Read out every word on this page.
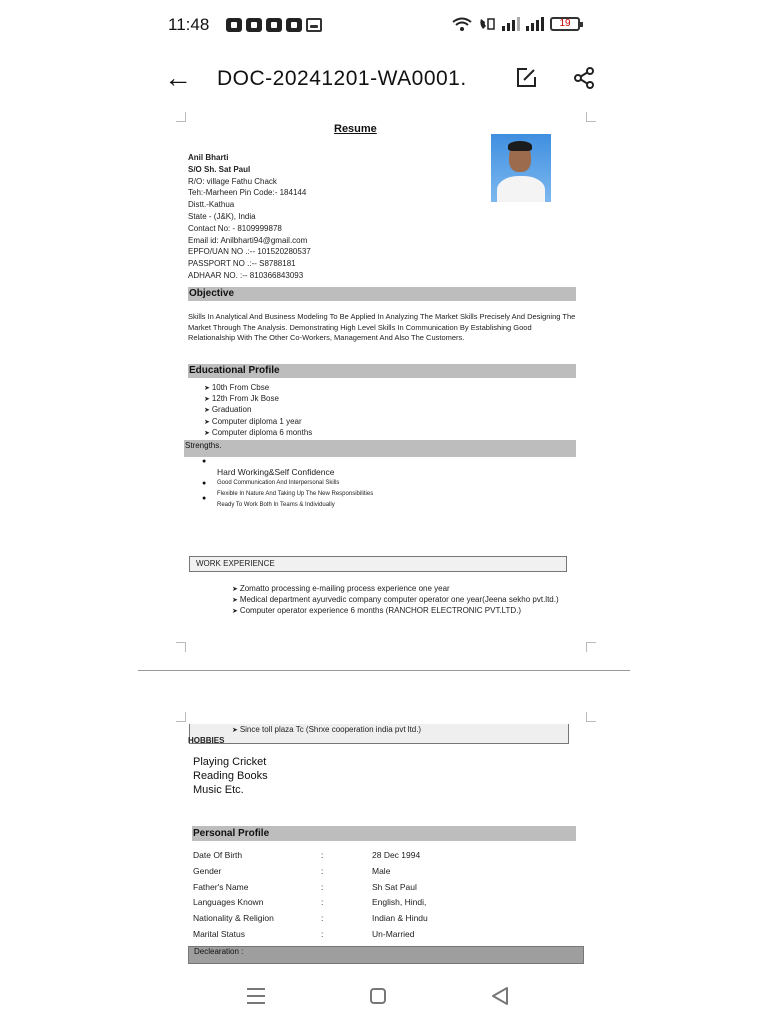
11:48	19
← DOC-20241201-WA0001.
Resume
Anil Bharti
S/O Sh. Sat Paul
R/O: village Fathu Chack
Teh:-Marheen Pin Code:- 184144
Distt.-Kathua
State - (J&K), India
Contact No: - 8109999878
Email id: Anilbharti94@gmail.com
EPFO/UAN NO .:-- 101520280537
PASSPORT NO .:-- S8788181
ADHAAR NO. :-- 810366843093
Objective
Skills In Analytical And Business Modeling To Be Applied In Analyzing The Market Skills Precisely And Designing The Market Through The Analysis. Demonstrating High Level Skills In Communication By Establishing Good Relationalship With The Other Co-Workers, Management And Also The Customers.
Educational Profile
➤ 10th From Cbse
➤ 12th From Jk Bose
➤ Graduation
➤ Computer diploma 1 year
➤ Computer diploma 6 months
Strengths.
●
●
●
Hard Working&Self Confidence
Good Communication And Interpersonal Skills
Flexible In Nature And Taking Up The New Responsibilities
Ready To Work Both In Teams & Individually
WORK EXPERIENCE
➤ Zomatto processing e-mailing process experience one year
➤ Medical department ayurvedic company computer operator one year(Jeena sekho pvt.ltd.)
➤ Computer operator experience 6 months (RANCHOR ELECTRONIC PVT.LTD.)
➤ Since toll plaza Tc (Shrxe cooperation india pvt ltd.)
HOBBIES
Playing Cricket
Reading Books
Music Etc.
Personal Profile
Date Of Birth	:	28 Dec 1994
Gender	:	Male
Father's Name	:	Sh Sat Paul
Languages Known	:	English, Hindi,
Nationality & Religion	:	Indian & Hindu
Marital Status	:	Un-Married
Declearation :
